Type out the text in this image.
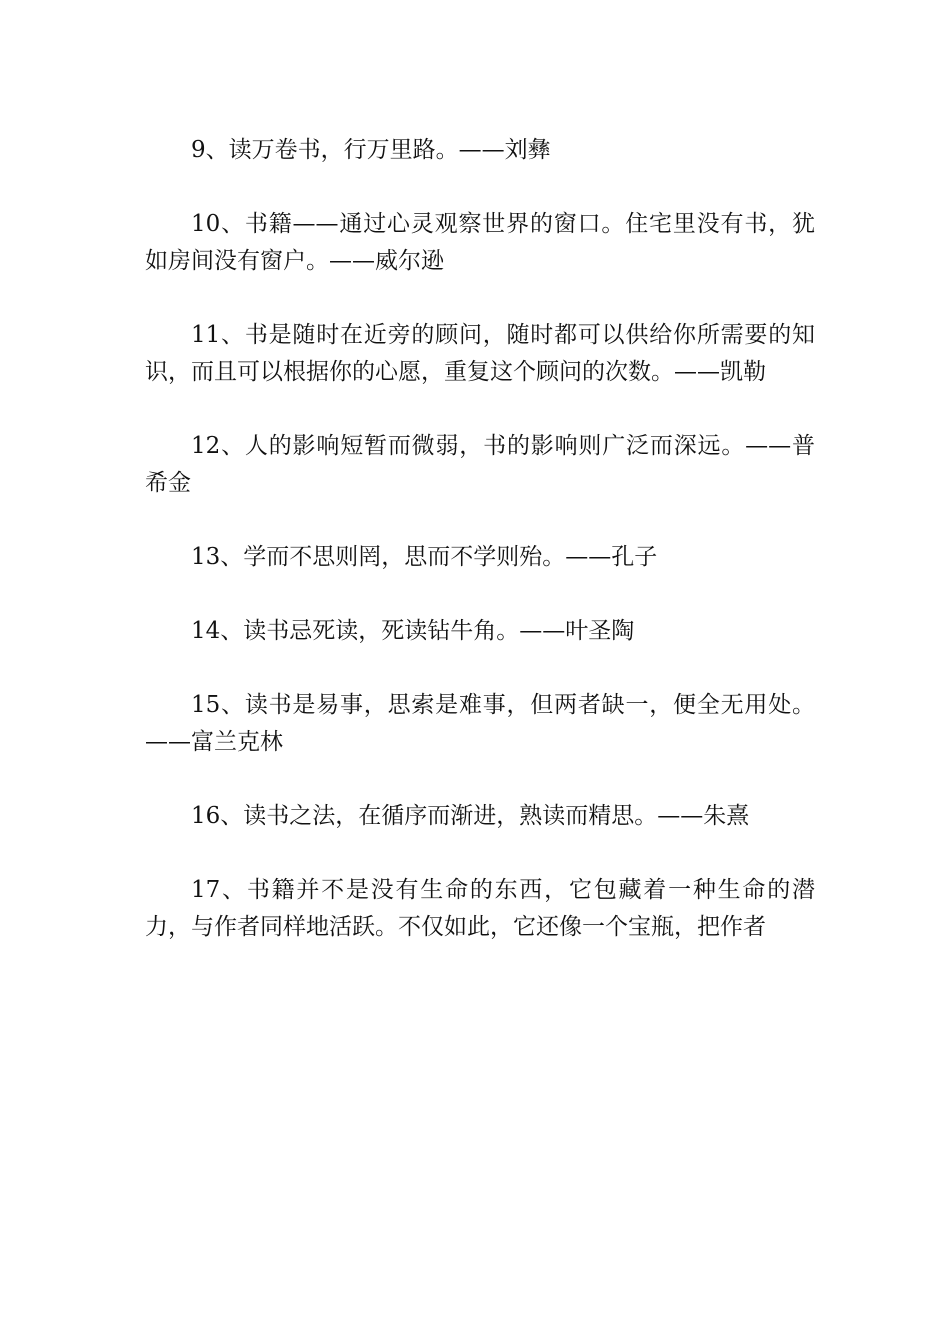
9、读万卷书，行万里路。——刘彝

10、书籍——通过心灵观察世界的窗口。住宅里没有书，犹如房间没有窗户。——威尔逊

11、书是随时在近旁的顾问，随时都可以供给你所需要的知识，而且可以根据你的心愿，重复这个顾问的次数。——凯勒

12、人的影响短暂而微弱，书的影响则广泛而深远。——普希金

13、学而不思则罔，思而不学则殆。——孔子

14、读书忌死读，死读钻牛角。——叶圣陶

15、读书是易事，思索是难事，但两者缺一，便全无用处。——富兰克林

16、读书之法，在循序而渐进，熟读而精思。——朱熹

17、书籍并不是没有生命的东西，它包藏着一种生命的潜力，与作者同样地活跃。不仅如此，它还像一个宝瓶，把作者
